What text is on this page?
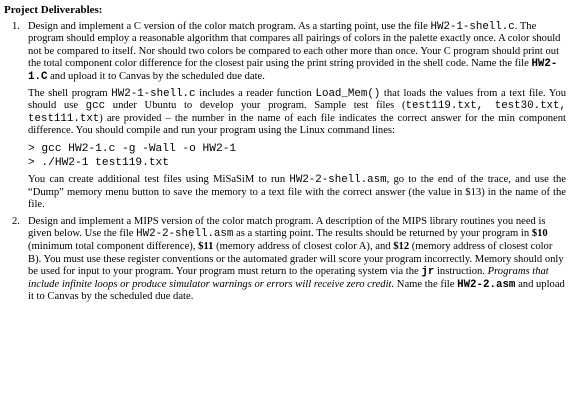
Project Deliverables:
1. Design and implement a C version of the color match program. As a starting point, use the file HW2-1-shell.c. The program should employ a reasonable algorithm that compares all pairings of colors in the palette exactly once. A color should not be compared to itself. Nor should two colors be compared to each other more than once. Your C program should print out the total component color difference for the closest pair using the print string provided in the shell code. Name the file HW2-1.C and upload it to Canvas by the scheduled due date.

The shell program HW2-1-shell.c includes a reader function Load_Mem() that loads the values from a text file. You should use gcc under Ubuntu to develop your program. Sample test files (test119.txt, test30.txt, test111.txt) are provided – the number in the name of each file indicates the correct answer for the min component difference. You should compile and run your program using the Linux command lines:

> gcc HW2-1.c -g -Wall -o HW2-1
> ./HW2-1 test119.txt

You can create additional test files using MiSaSiM to run HW2-2-shell.asm, go to the end of the trace, and use the “Dump” memory menu button to save the memory to a text file with the correct answer (the value in $13) in the name of the file.

2. Design and implement a MIPS version of the color match program. A description of the MIPS library routines you need is given below. Use the file HW2-2-shell.asm as a starting point. The results should be returned by your program in $10 (minimum total component difference), $11 (memory address of closest color A), and $12 (memory address of closest color B). You must use these register conventions or the automated grader will score your program incorrectly. Memory should only be used for input to your program. Your program must return to the operating system via the jr instruction. Programs that include infinite loops or produce simulator warnings or errors will receive zero credit. Name the file HW2-2.asm and upload it to Canvas by the scheduled due date.
